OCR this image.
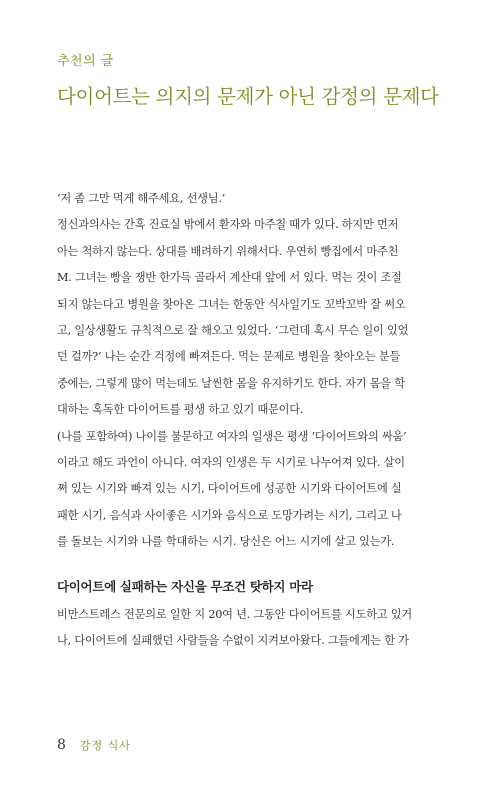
추천의 글
다이어트는 의지의 문제가 아닌 감정의 문제다

‘저 좀 그만 먹게 해주세요, 선생님.’

정신과의사는 간혹 진료실 밖에서 환자와 마주칠 때가 있다. 하지만 먼저
아는 척하지 않는다. 상대를 배려하기 위해서다. 우연히 빵집에서 마주친
M. 그녀는 빵을 쟁반 한가득 골라서 계산대 앞에 서 있다. 먹는 것이 조절
되지 않는다고 병원을 찾아온 그녀는 한동안 식사일기도 꼬박꼬박 잘 써오
고, 일상생활도 규칙적으로 잘 해오고 있었다. ‘그런데 혹시 무슨 일이 있었
던 걸까?’ 나는 순간 걱정에 빠져든다. 먹는 문제로 병원을 찾아오는 분들
중에는, 그렇게 많이 먹는데도 날씬한 몸을 유지하기도 한다. 자기 몸을 학
대하는 혹독한 다이어트를 평생 하고 있기 때문이다.

(나를 포함하여) 나이를 불문하고 여자의 일생은 평생 ‘다이어트와의 싸움’
이라고 해도 과언이 아니다. 여자의 인생은 두 시기로 나누어져 있다. 살이
쪄 있는 시기와 빠져 있는 시기, 다이어트에 성공한 시기와 다이어트에 실
패한 시기, 음식과 사이좋은 시기와 음식으로 도망가려는 시기, 그리고 나
를 돌보는 시기와 나를 학대하는 시기. 당신은 어느 시기에 살고 있는가.

다이어트에 실패하는 자신을 무조건 탓하지 마라

비만스트레스 전문의로 일한 지 20여 년. 그동안 다이어트를 시도하고 있거
나, 다이어트에 실패했던 사람들을 수없이 지켜보아왔다. 그들에게는 한 가

8 감정 식사
